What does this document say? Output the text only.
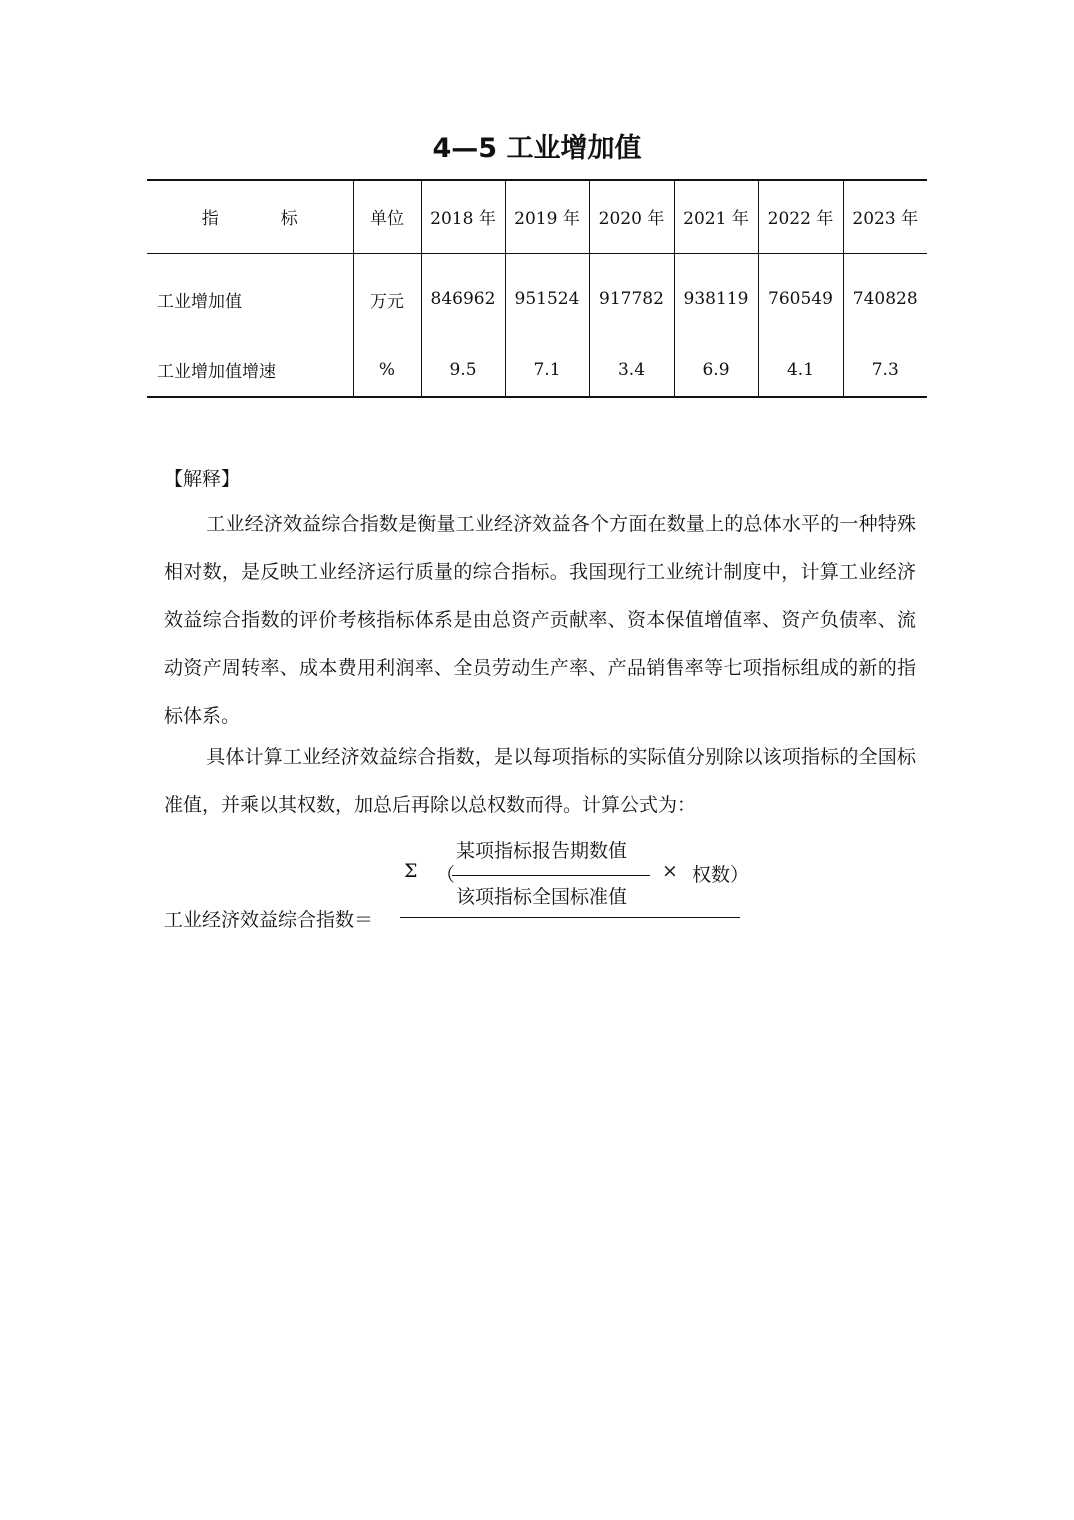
4—5 工业增加值
指 标	单位	2018 年	2019 年	2020 年	2021 年	2022 年	2023 年
工业增加值	万元	846962	951524	917782	938119	760549	740828
工业增加值增速	%	9.5	7.1	3.4	6.9	4.1	7.3
【解释】
工业经济效益综合指数是衡量工业经济效益各个方面在数量上的总体水平的一种特殊相对数，是反映工业经济运行质量的综合指标。我国现行工业统计制度中，计算工业经济效益综合指数的评价考核指标体系是由总资产贡献率、资本保值增值率、资产负债率、流动资产周转率、成本费用利润率、全员劳动生产率、产品销售率等七项指标组成的新的指标体系。
具体计算工业经济效益综合指数，是以每项指标的实际值分别除以该项指标的全国标准值，并乘以其权数，加总后再除以总权数而得。计算公式为：
某项指标报告期数值
Σ （	× 权数）
该项指标全国标准值
工业经济效益综合指数＝
